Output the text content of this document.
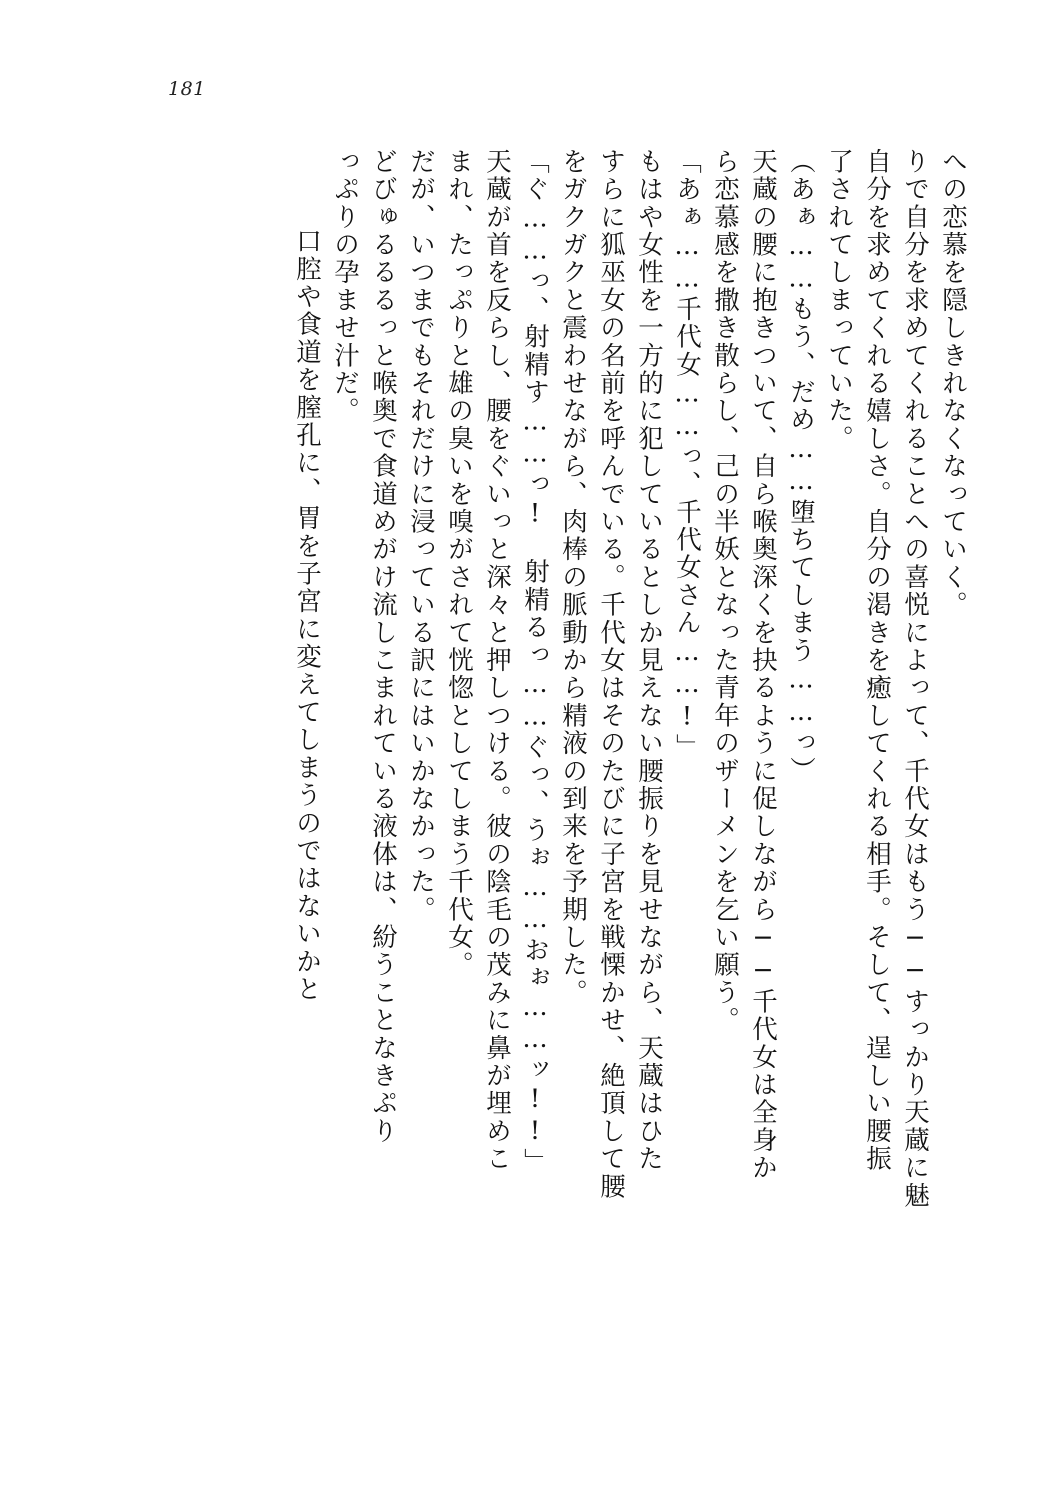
181
への恋慕を隠しきれなくなっていく。
りで自分を求めてくれることへの喜悦によって、千代女はもう──すっかり天蔵に魅
自分を求めてくれる嬉しさ。自分の渇きを癒してくれる相手。そして、逞しい腰振
了されてしまっていた。
（あぁ……もう、だめ……堕ちてしまう……っ）
天蔵の腰に抱きついて、自ら喉奥深くを抉るように促しながら──千代女は全身か
ら恋慕感を撒き散らし、己の半妖となった青年のザーメンを乞い願う。
「あぁ……千代女……っ、千代女さん……!」
もはや女性を一方的に犯しているとしか見えない腰振りを見せながら、天蔵はひた
すらに狐巫女の名前を呼んでいる。千代女はそのたびに子宮を戦慄かせ、絶頂して腰
をガクガクと震わせながら、肉棒の脈動から精液の到来を予期した。
「ぐ……っ、射精す……っ!　射精るっ……ぐっ、うぉ……おぉ……ッ!!」
天蔵が首を反らし、腰をぐいっと深々と押しつける。彼の陰毛の茂みに鼻が埋めこ
まれ、たっぷりと雄の臭いを嗅がされて恍惚としてしまう千代女。
だが、いつまでもそれだけに浸っている訳にはいかなかった。
どびゅるるるっと喉奥で食道めがけ流しこまれている液体は、紛うことなきぷり
っぷりの孕ませ汁だ。
　口腔や食道を膣孔に、胃を子宮に変えてしまうのではないかと
